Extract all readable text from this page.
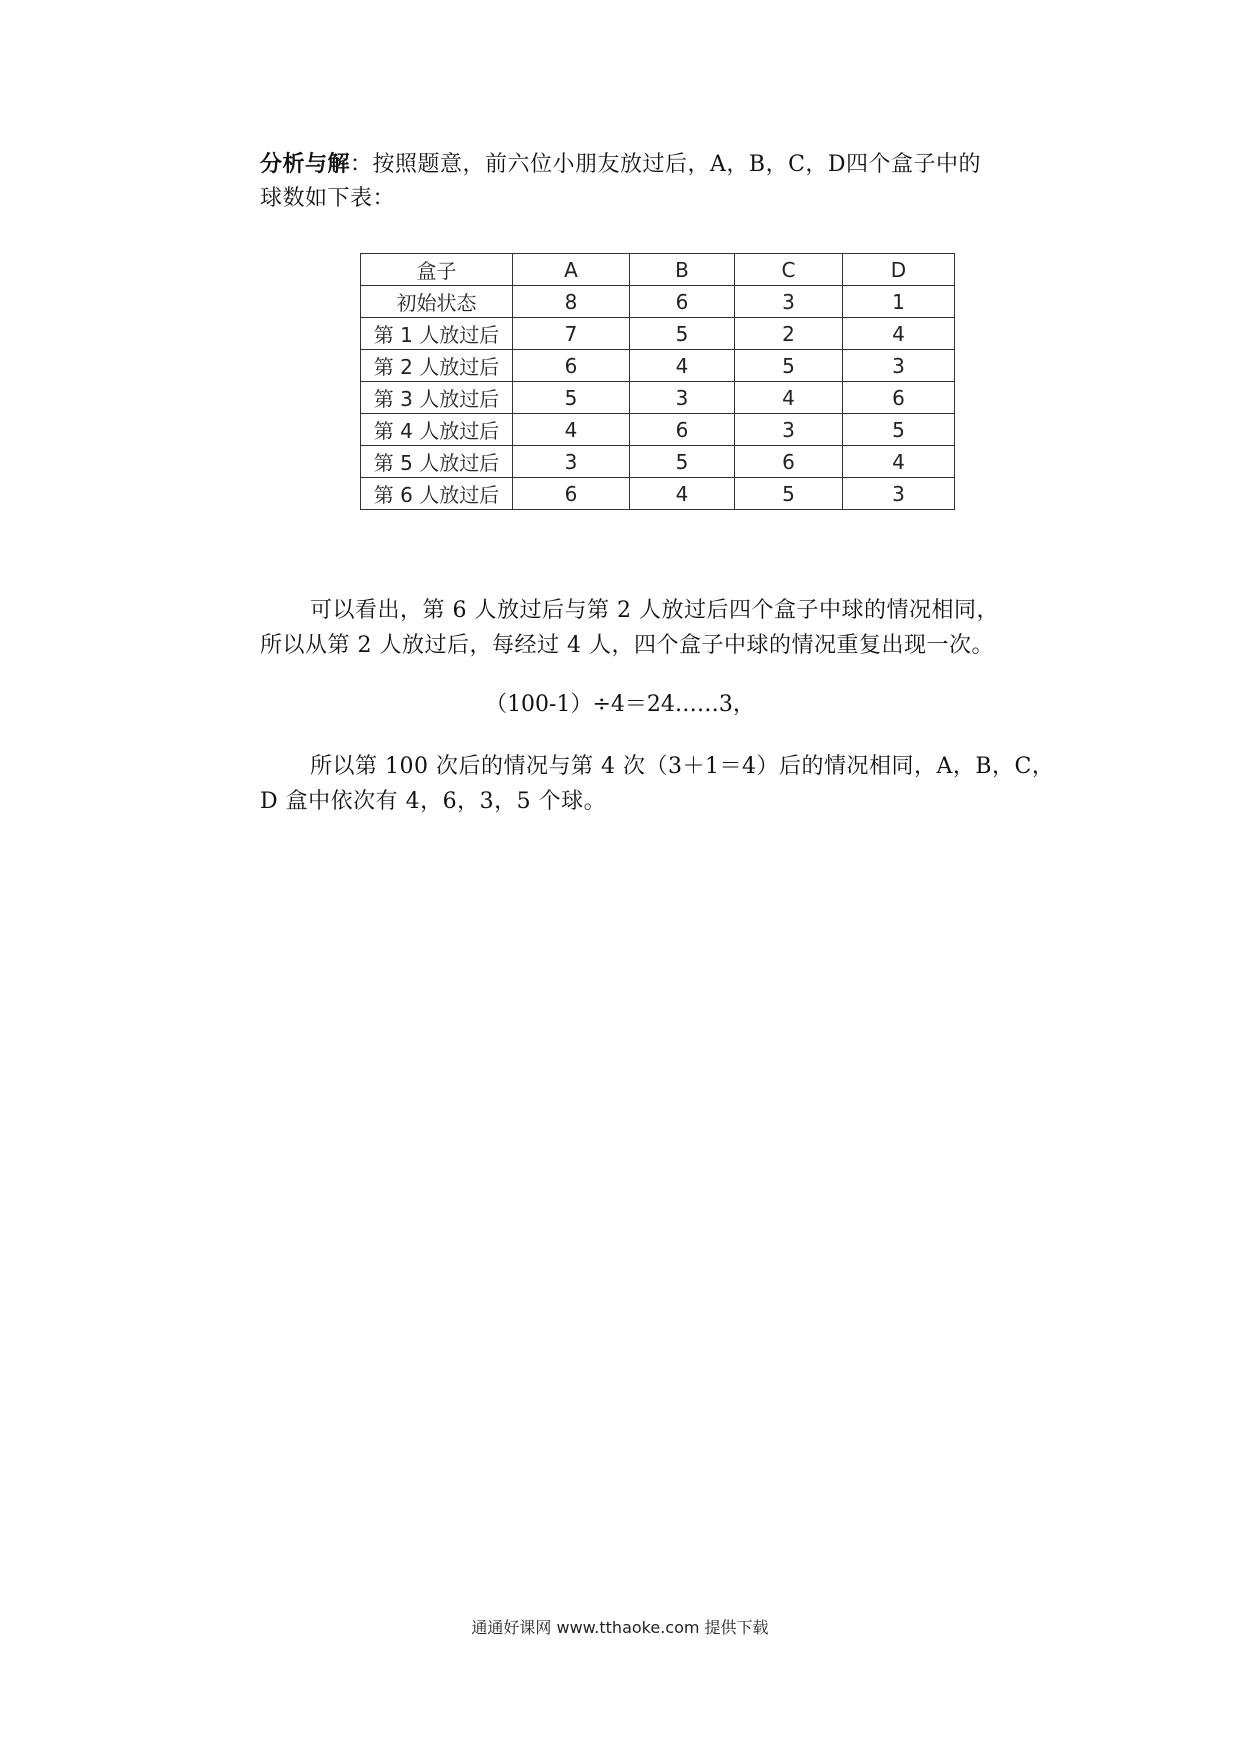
分析与解：按照题意，前六位小朋友放过后，A，B，C，D四个盒子中的
球数如下表：
盒子	A	B	C	D
初始状态	8	6	3	1
第 1 人放过后	7	5	2	4
第 2 人放过后	6	4	5	3
第 3 人放过后	5	3	4	6
第 4 人放过后	4	6	3	5
第 5 人放过后	3	5	6	4
第 6 人放过后	6	4	5	3
可以看出，第 6 人放过后与第 2 人放过后四个盒子中球的情况相同，
所以从第 2 人放过后，每经过 4 人，四个盒子中球的情况重复出现一次。
（100-1）÷4＝24……3，
所以第 100 次后的情况与第 4 次（3＋1＝4）后的情况相同，A，B，C，
D 盒中依次有 4，6，3，5 个球。
通通好课网 www.tthaoke.com 提供下载
